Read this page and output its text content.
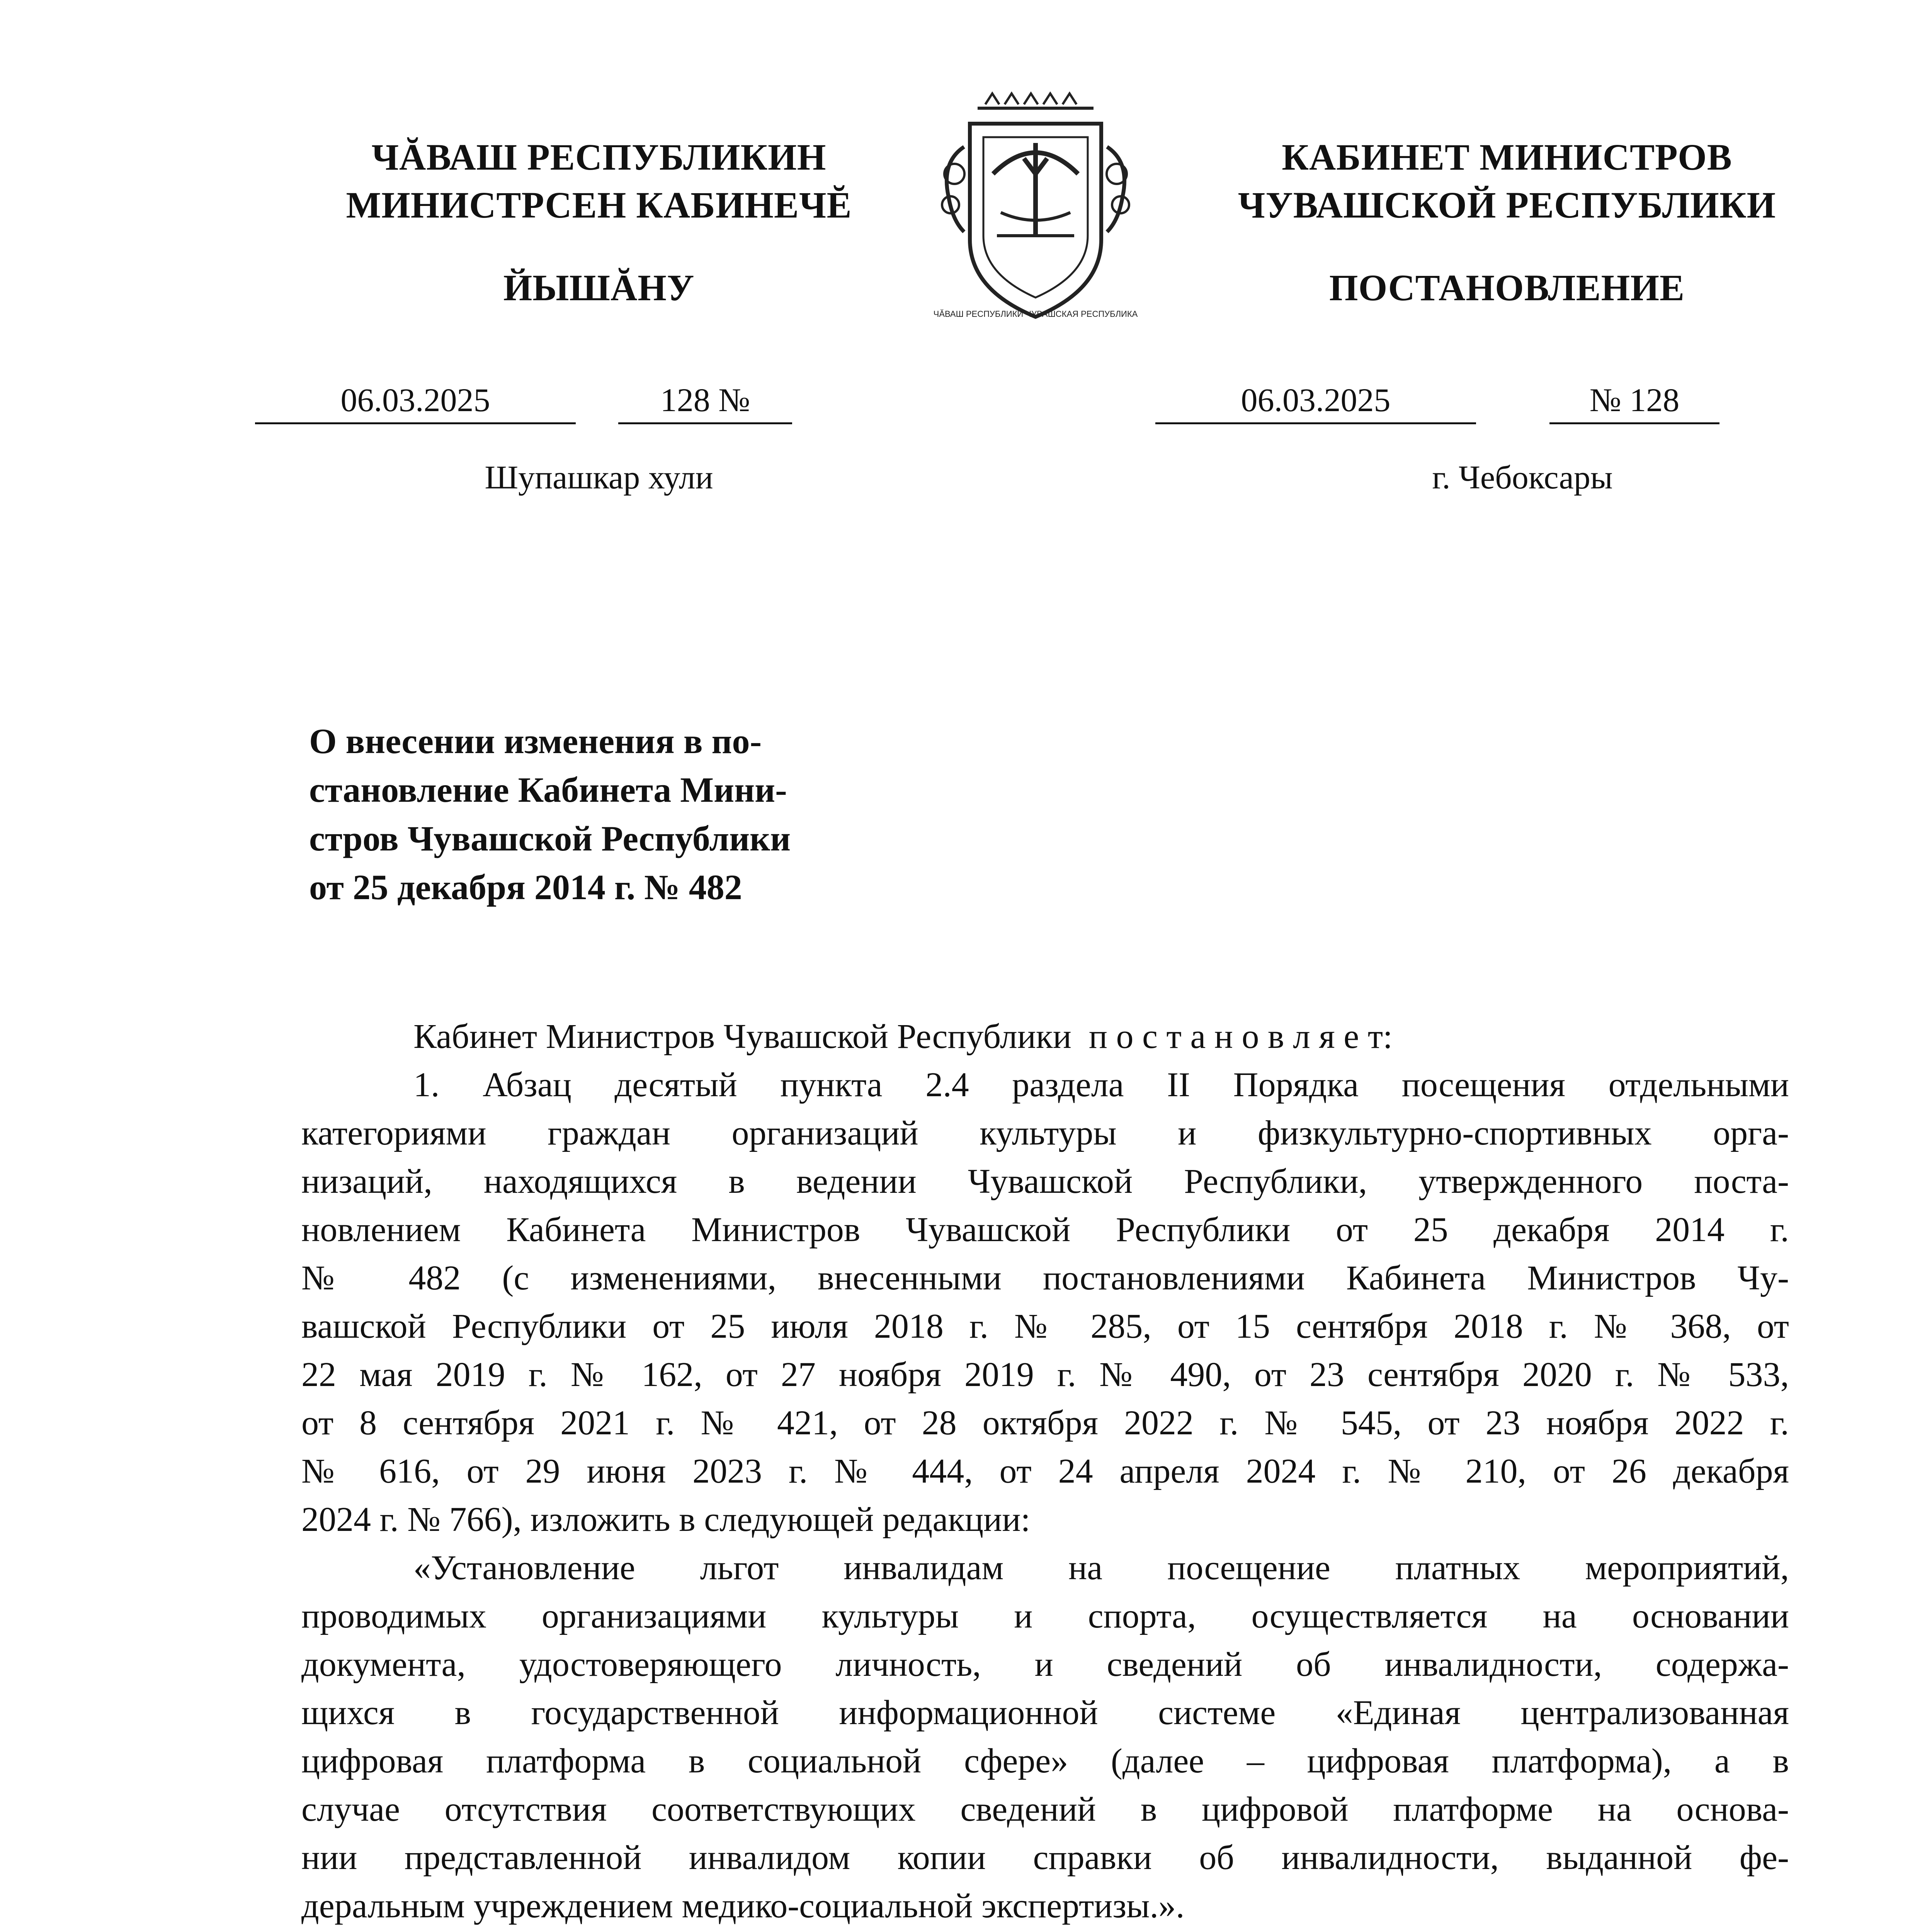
ЧĂВАШ РЕСПУБЛИКИН
МИНИСТРСЕН КАБИНЕЧĔ
ЙЫШĂНУ
ЧĂВАШ РЕСПУБЛИКИ ЧУВАШСКАЯ РЕСПУБЛИКА
КАБИНЕТ МИНИСТРОВ
ЧУВАШСКОЙ РЕСПУБЛИКИ
ПОСТАНОВЛЕНИЕ
06.03.2025	128 №
Шупашкар хули
06.03.2025	№ 128
г. Чебоксары
О внесении изменения в по-
становление Кабинета Мини-
стров Чувашской Республики
от 25 декабря 2014 г. № 482
Кабинет Министров Чувашской Республики п о с т а н о в л я е т:
1. Абзац десятый пункта 2.4 раздела II Порядка посещения отдельными
категориями граждан организаций культуры и физкультурно-спортивных орга-
низаций, находящихся в ведении Чувашской Республики, утвержденного поста-
новлением Кабинета Министров Чувашской Республики от 25 декабря 2014 г.
№ 482 (с изменениями, внесенными постановлениями Кабинета Министров Чу-
вашской Республики от 25 июля 2018 г. № 285, от 15 сентября 2018 г. № 368, от
22 мая 2019 г. № 162, от 27 ноября 2019 г. № 490, от 23 сентября 2020 г. № 533,
от 8 сентября 2021 г. № 421, от 28 октября 2022 г. № 545, от 23 ноября 2022 г.
№ 616, от 29 июня 2023 г. № 444, от 24 апреля 2024 г. № 210, от 26 декабря
2024 г. № 766), изложить в следующей редакции:
«Установление льгот инвалидам на посещение платных мероприятий,
проводимых организациями культуры и спорта, осуществляется на основании
документа, удостоверяющего личность, и сведений об инвалидности, содержа-
щихся в государственной информационной системе «Единая централизованная
цифровая платформа в социальной сфере» (далее – цифровая платформа), а в
случае отсутствия соответствующих сведений в цифровой платформе на основа-
нии представленной инвалидом копии справки об инвалидности, выданной фе-
деральным учреждением медико-социальной экспертизы.».
